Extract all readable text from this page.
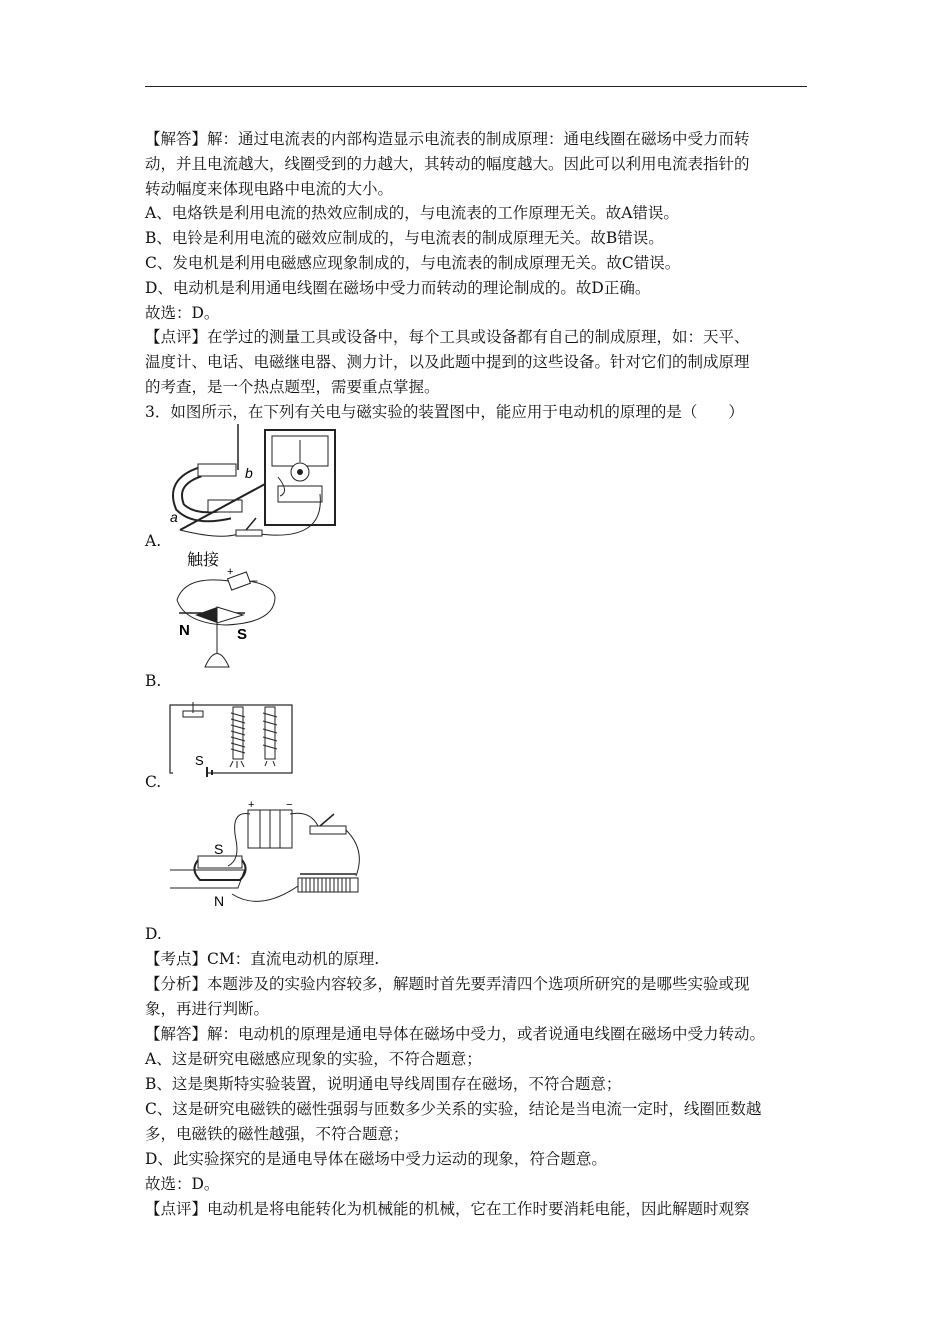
【解答】解：通过电流表的内部构造显示电流表的制成原理：通电线圈在磁场中受力而转
动，并且电流越大，线圈受到的力越大，其转动的幅度越大。因此可以利用电流表指针的
转动幅度来体现电路中电流的大小。
A、电烙铁是利用电流的热效应制成的，与电流表的工作原理无关。故A错误。
B、电铃是利用电流的磁效应制成的，与电流表的制成原理无关。故B错误。
C、发电机是利用电磁感应现象制成的，与电流表的制成原理无关。故C错误。
D、电动机是利用通电线圈在磁场中受力而转动的理论制成的。故D正确。
故选：D。
【点评】在学过的测量工具或设备中，每个工具或设备都有自己的制成原理，如：天平、
温度计、电话、电磁继电器、测力计，以及此题中提到的这些设备。针对它们的制成原理
的考查，是一个热点题型，需要重点掌握。
3．如图所示，在下列有关电与磁实验的装置图中，能应用于电动机的原理的是（　　）
a
b
A.
触接
+
−
N	S
B.
S
C.
+	−
S
N
D.
【考点】CM：直流电动机的原理.
【分析】本题涉及的实验内容较多，解题时首先要弄清四个选项所研究的是哪些实验或现
象，再进行判断。
【解答】解：电动机的原理是通电导体在磁场中受力，或者说通电线圈在磁场中受力转动。
A、这是研究电磁感应现象的实验，不符合题意；
B、这是奥斯特实验装置，说明通电导线周围存在磁场，不符合题意；
C、这是研究电磁铁的磁性强弱与匝数多少关系的实验，结论是当电流一定时，线圈匝数越
多，电磁铁的磁性越强，不符合题意；
D、此实验探究的是通电导体在磁场中受力运动的现象，符合题意。
故选：D。
【点评】电动机是将电能转化为机械能的机械，它在工作时要消耗电能，因此解题时观察
